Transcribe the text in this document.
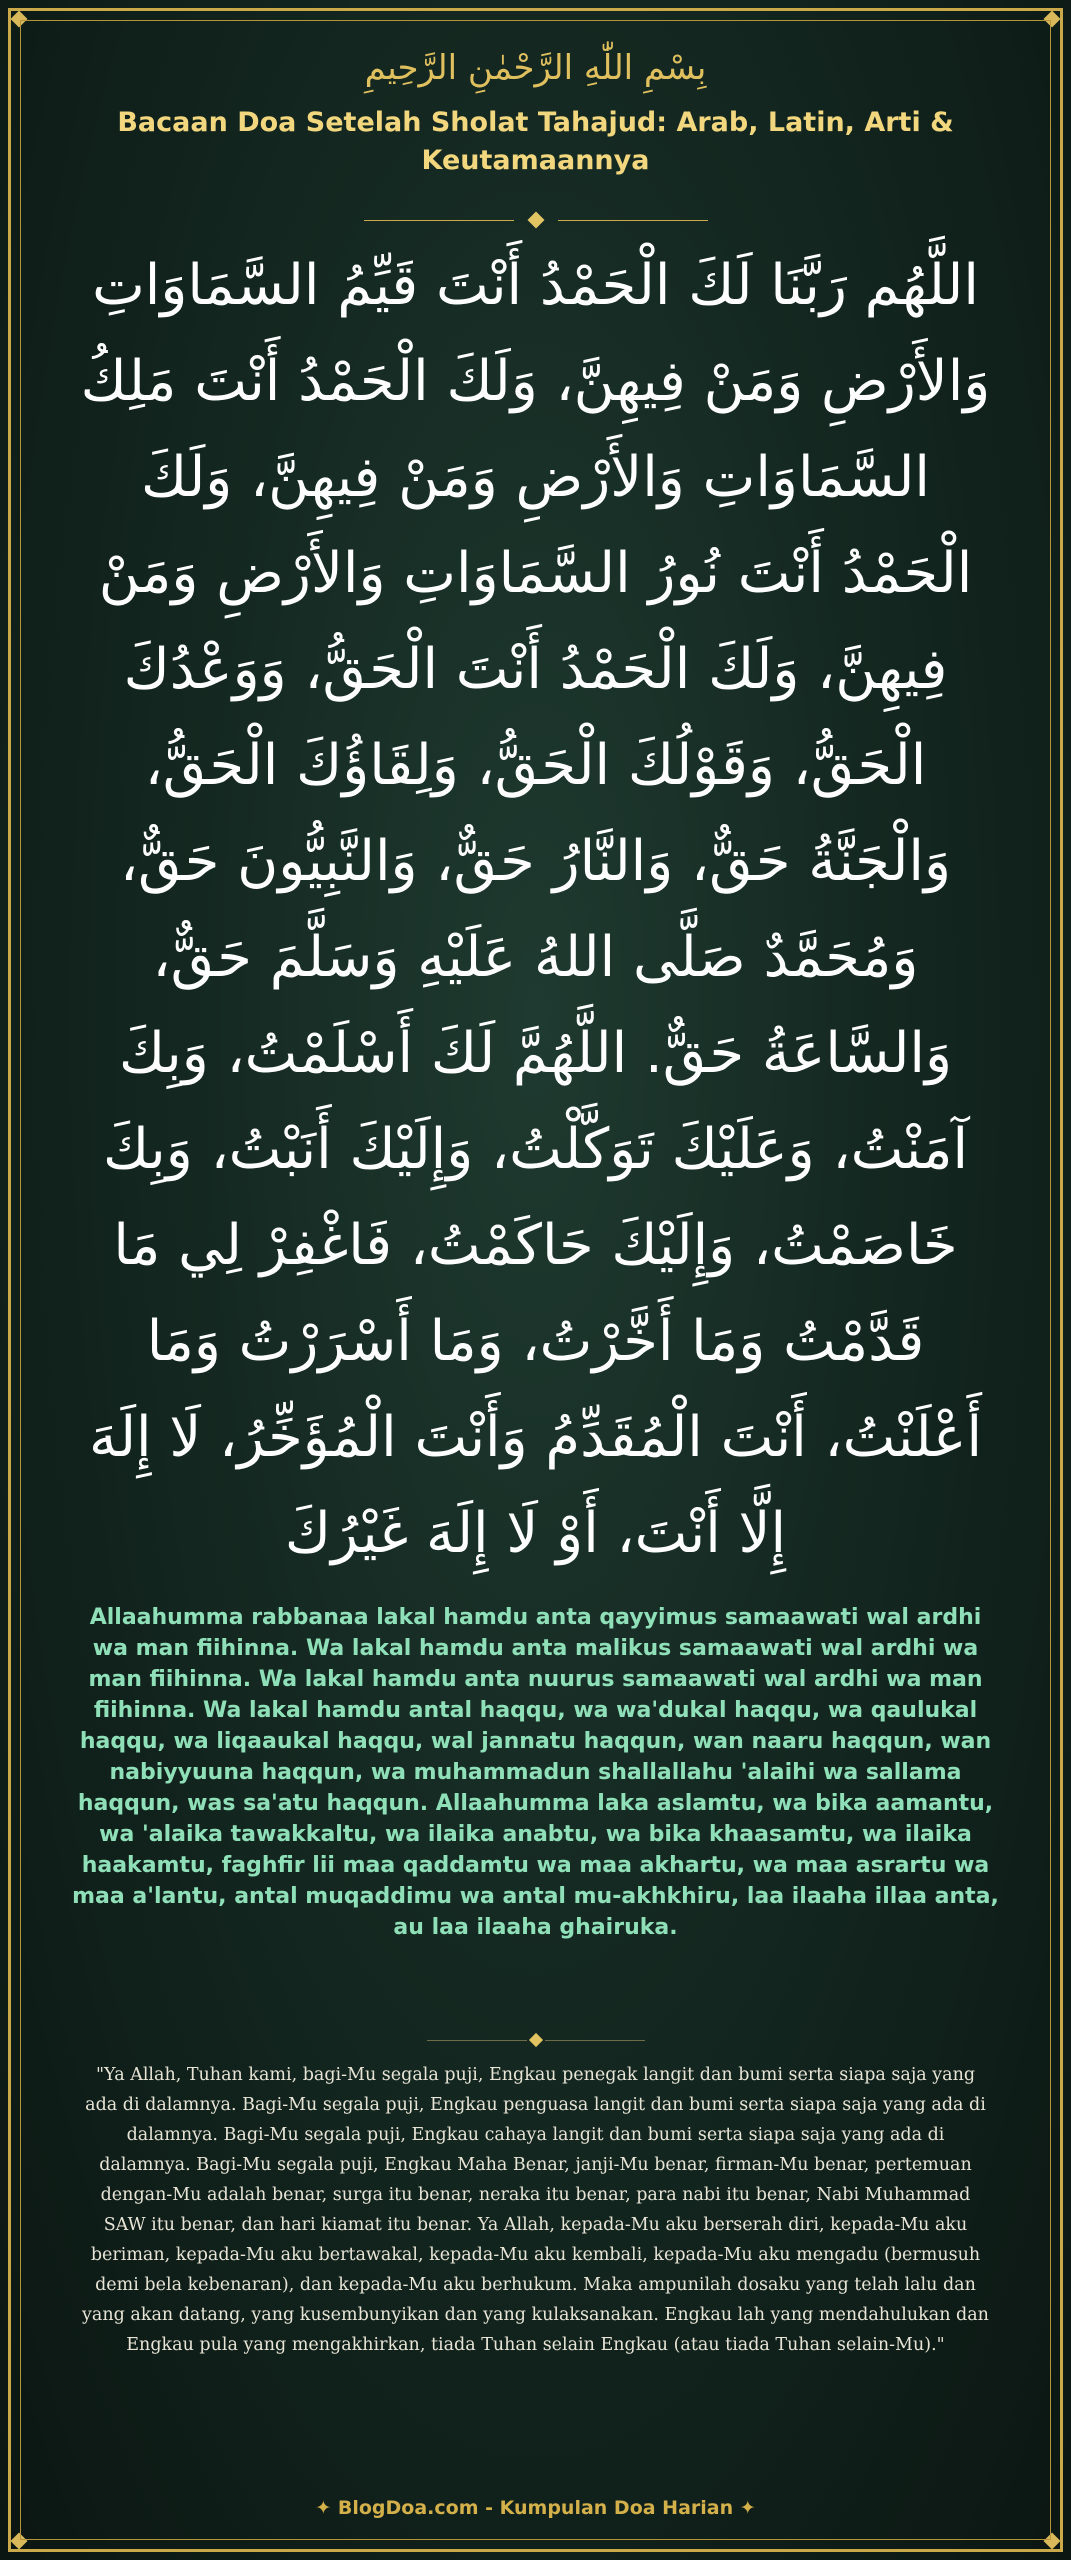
بِسْمِ اللّٰهِ الرَّحْمٰنِ الرَّحِيمِ
Bacaan Doa Setelah Sholat Tahajud: Arab, Latin, Arti & Keutamaannya
اللَّهُم رَبَّنَا لَكَ الْحَمْدُ أَنْتَ قَيِّمُ السَّمَاوَاتِ وَالأَرْضِ وَمَنْ فِيهِنَّ، وَلَكَ الْحَمْدُ أَنْتَ مَلِكُ السَّمَاوَاتِ وَالأَرْضِ وَمَنْ فِيهِنَّ، وَلَكَ الْحَمْدُ أَنْتَ نُورُ السَّمَاوَاتِ وَالأَرْضِ وَمَنْ فِيهِنَّ، وَلَكَ الْحَمْدُ أَنْتَ الْحَقُّ، وَوَعْدُكَ الْحَقُّ، وَقَوْلُكَ الْحَقُّ، وَلِقَاؤُكَ الْحَقُّ، وَالْجَنَّةُ حَقٌّ، وَالنَّارُ حَقٌّ، وَالنَّبِيُّونَ حَقٌّ، وَمُحَمَّدٌ صَلَّى اللهُ عَلَيْهِ وَسَلَّمَ حَقٌّ، وَالسَّاعَةُ حَقٌّ. اللَّهُمَّ لَكَ أَسْلَمْتُ، وَبِكَ آمَنْتُ، وَعَلَيْكَ تَوَكَّلْتُ، وَإِلَيْكَ أَنَبْتُ، وَبِكَ خَاصَمْتُ، وَإِلَيْكَ حَاكَمْتُ، فَاغْفِرْ لِي مَا قَدَّمْتُ وَمَا أَخَّرْتُ، وَمَا أَسْرَرْتُ وَمَا أَعْلَنْتُ، أَنْتَ الْمُقَدِّمُ وَأَنْتَ الْمُؤَخِّرُ، لَا إِلَهَ إِلَّا أَنْتَ، أَوْ لَا إِلَهَ غَيْرُكَ
Allaahumma rabbanaa lakal hamdu anta qayyimus samaawati wal ardhi wa man fiihinna. Wa lakal hamdu anta malikus samaawati wal ardhi wa man fiihinna. Wa lakal hamdu anta nuurus samaawati wal ardhi wa man fiihinna. Wa lakal hamdu antal haqqu, wa wa'dukal haqqu, wa qaulukal haqqu, wa liqaaukal haqqu, wal jannatu haqqun, wan naaru haqqun, wan nabiyyuuna haqqun, wa muhammadun shallallahu 'alaihi wa sallama haqqun, was sa'atu haqqun. Allaahumma laka aslamtu, wa bika aamantu, wa 'alaika tawakkaltu, wa ilaika anabtu, wa bika khaasamtu, wa ilaika haakamtu, faghfir lii maa qaddamtu wa maa akhartu, wa maa asrartu wa maa a'lantu, antal muqaddimu wa antal mu-akhkhiru, laa ilaaha illaa anta, au laa ilaaha ghairuka.
"Ya Allah, Tuhan kami, bagi-Mu segala puji, Engkau penegak langit dan bumi serta siapa saja yang ada di dalamnya. Bagi-Mu segala puji, Engkau penguasa langit dan bumi serta siapa saja yang ada di dalamnya. Bagi-Mu segala puji, Engkau cahaya langit dan bumi serta siapa saja yang ada di dalamnya. Bagi-Mu segala puji, Engkau Maha Benar, janji-Mu benar, firman-Mu benar, pertemuan dengan-Mu adalah benar, surga itu benar, neraka itu benar, para nabi itu benar, Nabi Muhammad SAW itu benar, dan hari kiamat itu benar. Ya Allah, kepada-Mu aku berserah diri, kepada-Mu aku beriman, kepada-Mu aku bertawakal, kepada-Mu aku kembali, kepada-Mu aku mengadu (bermusuh demi bela kebenaran), dan kepada-Mu aku berhukum. Maka ampunilah dosaku yang telah lalu dan yang akan datang, yang kusembunyikan dan yang kulaksanakan. Engkau lah yang mendahulukan dan Engkau pula yang mengakhirkan, tiada Tuhan selain Engkau (atau tiada Tuhan selain-Mu)."
✦ BlogDoa.com - Kumpulan Doa Harian ✦
